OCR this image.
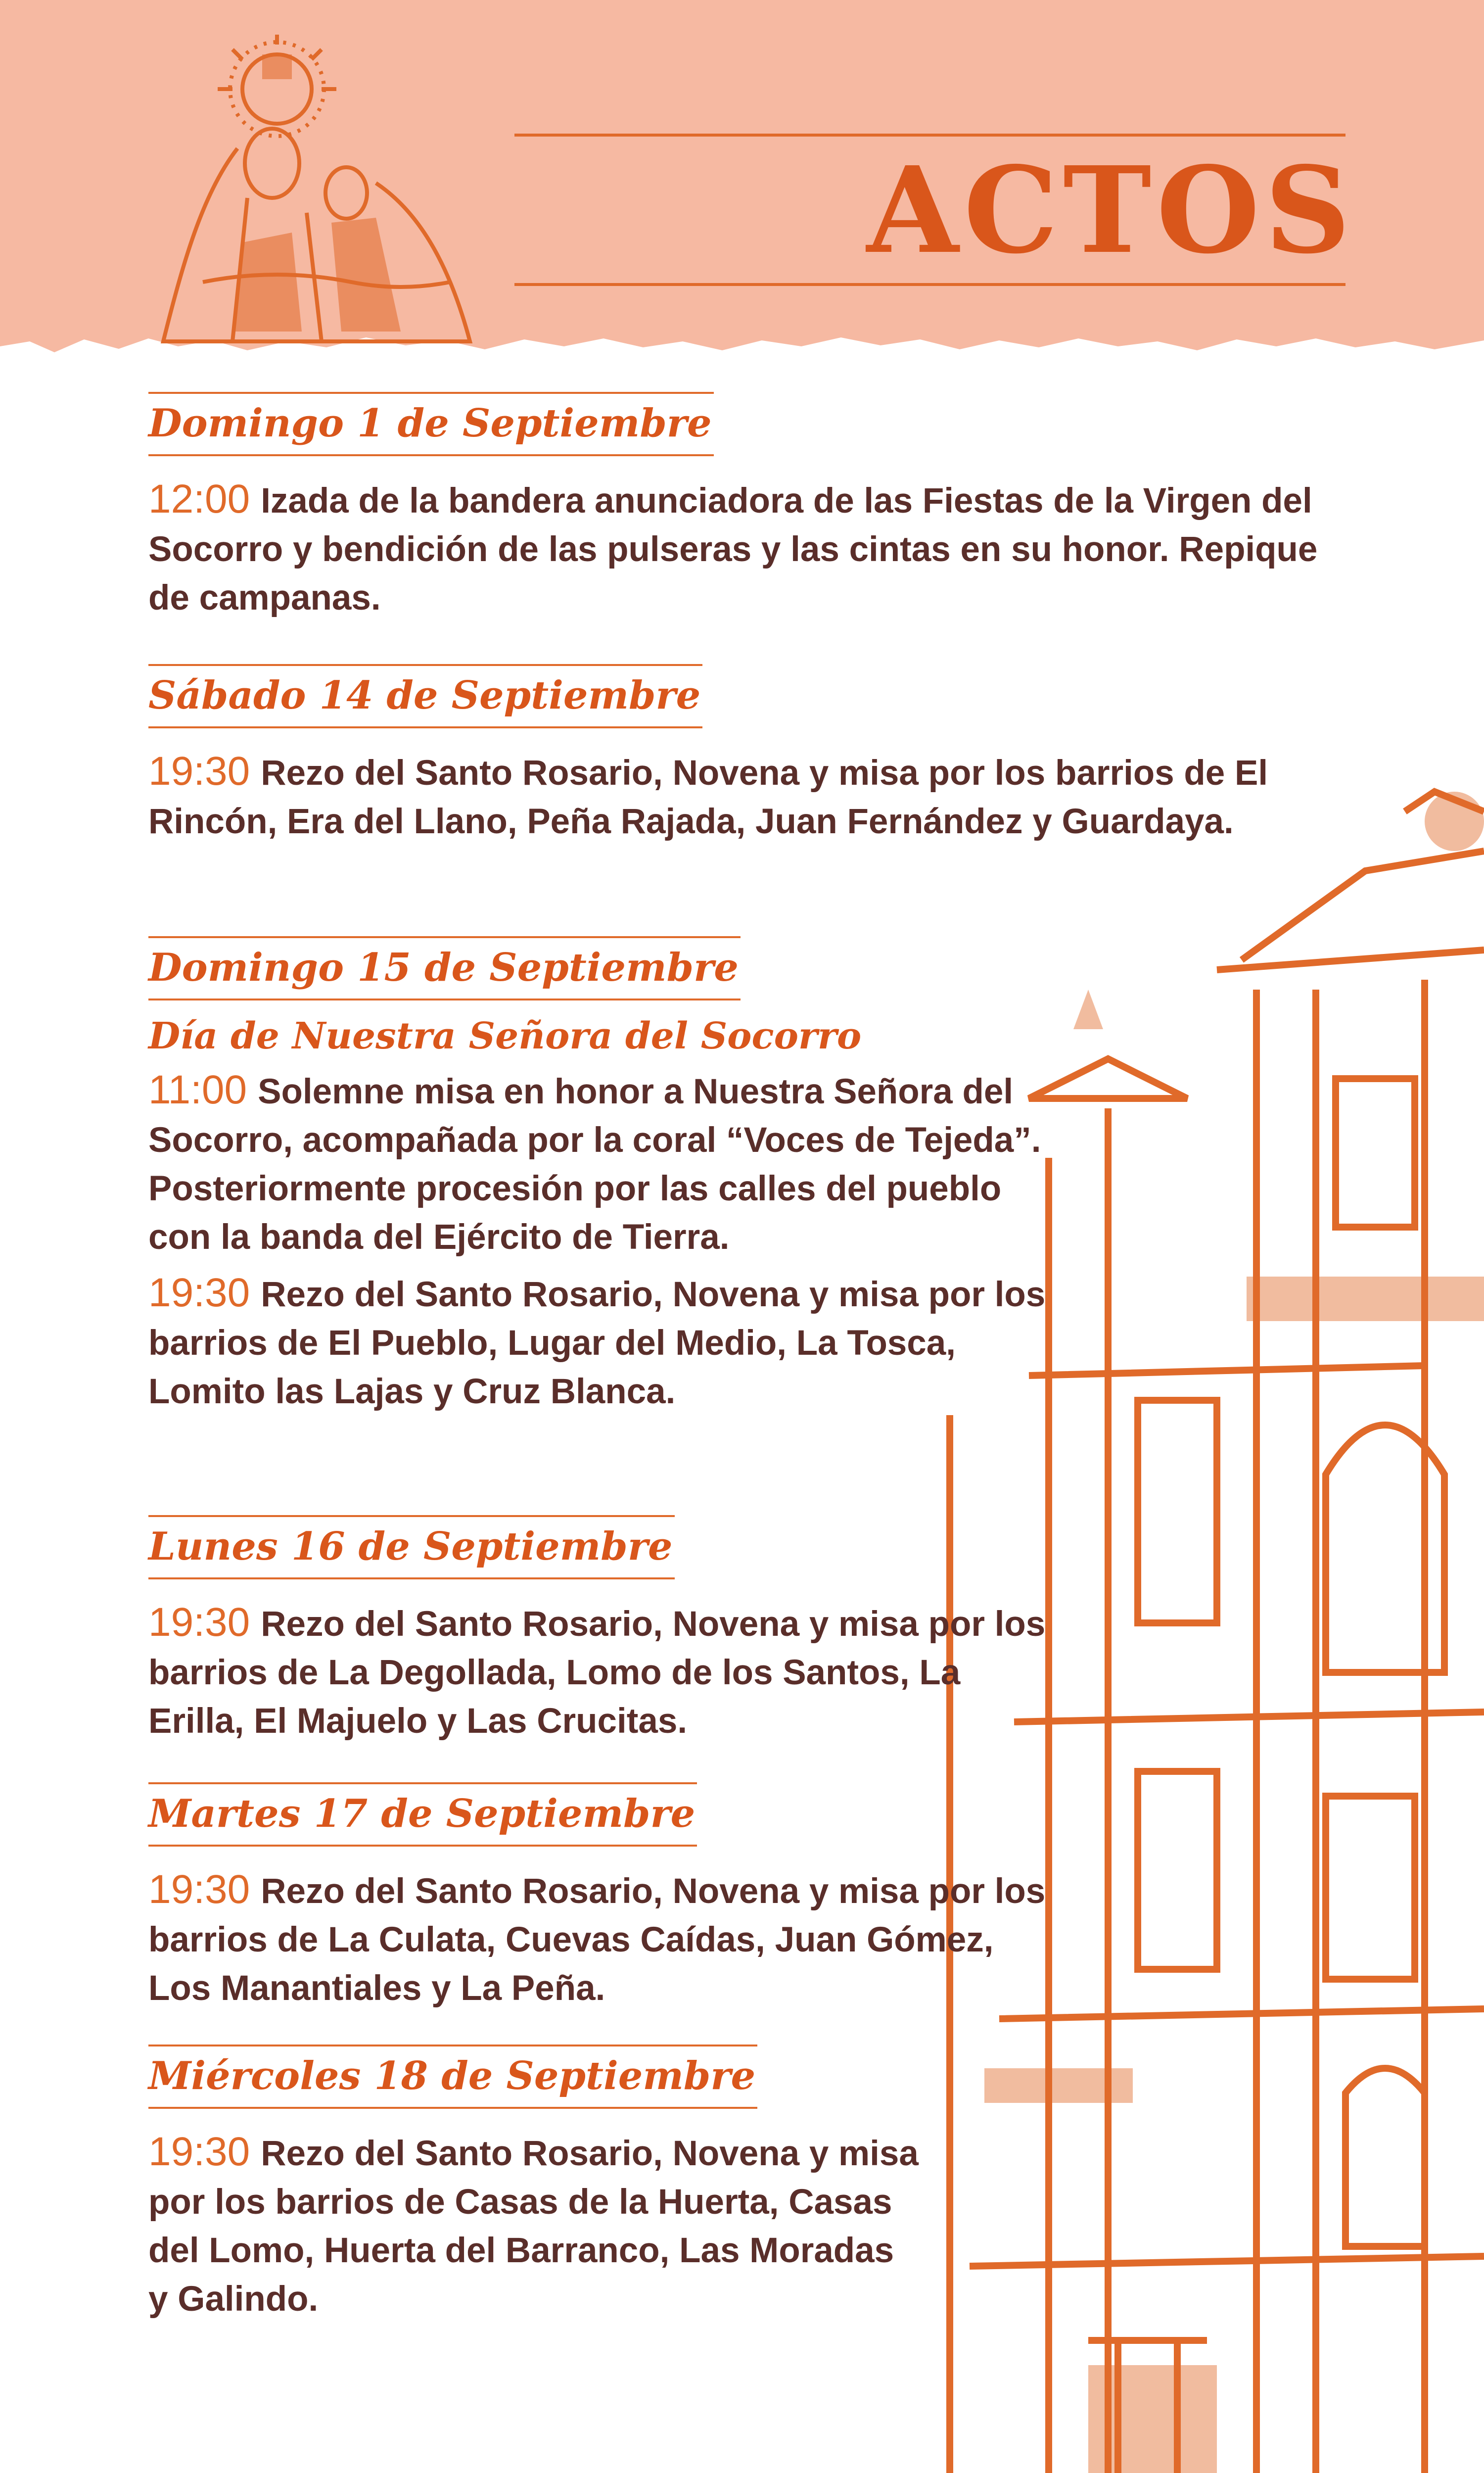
ACTOS
Domingo 1 de Septiembre
12:00 Izada de la bandera anunciadora de las Fiestas de la Virgen del Socorro y bendición de las pulseras y las cintas en su honor. Repique de campanas.
Sábado 14 de Septiembre
19:30 Rezo del Santo Rosario, Novena y misa por los barrios de El Rincón, Era del Llano, Peña Rajada, Juan Fernández y Guardaya.
Domingo 15 de Septiembre
Día de Nuestra Señora del Socorro
11:00 Solemne misa en honor a Nuestra Señora del Socorro, acompañada por la coral “Voces de Tejeda”. Posteriormente procesión por las calles del pueblo con la banda del Ejército de Tierra.
19:30 Rezo del Santo Rosario, Novena y misa por los barrios de El Pueblo, Lugar del Medio, La Tosca, Lomito las Lajas y Cruz Blanca.
Lunes 16 de Septiembre
19:30 Rezo del Santo Rosario, Novena y misa por los barrios de La Degollada, Lomo de los Santos, La Erilla, El Majuelo y Las Crucitas.
Martes 17 de Septiembre
19:30 Rezo del Santo Rosario, Novena y misa por los barrios de La Culata, Cuevas Caídas, Juan Gómez, Los Manantiales y La Peña.
Miércoles 18 de Septiembre
19:30 Rezo del Santo Rosario, Novena y misa por los barrios de Casas de la Huerta, Casas del Lomo, Huerta del Barranco, Las Moradas y Galindo.
